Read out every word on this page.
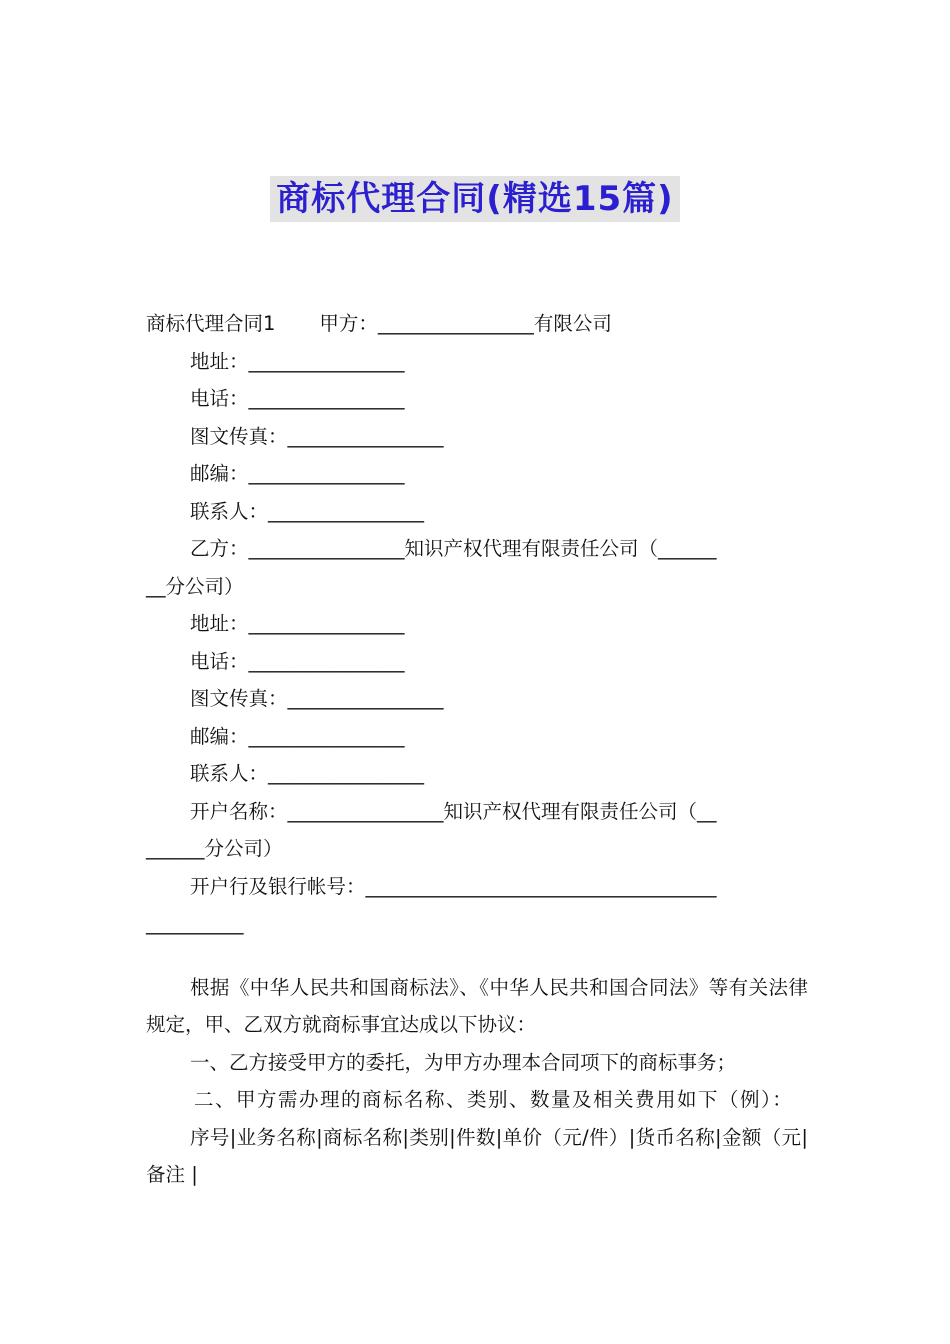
商标代理合同(精选15篇)
商标代理合同1 甲方：________________有限公司
地址：________________
电话：________________
图文传真：________________
邮编：________________
联系人：________________
乙方：________________知识产权代理有限责任公司（______
__分公司）
地址：________________
电话：________________
图文传真：________________
邮编：________________
联系人：________________
开户名称：________________知识产权代理有限责任公司（__
______分公司）
开户行及银行帐号：____________________________________
__________

根据《中华人民共和国商标法》、《中华人民共和国合同法》等有关法律规定，甲、乙双方就商标事宜达成以下协议：

一、乙方接受甲方的委托，为甲方办理本合同项下的商标事务；

二、甲方需办理的商标名称、类别、数量及相关费用如下（例）：

序号|业务名称|商标名称|类别|件数|单价（元/件）|货币名称|金额（元|备注 |
